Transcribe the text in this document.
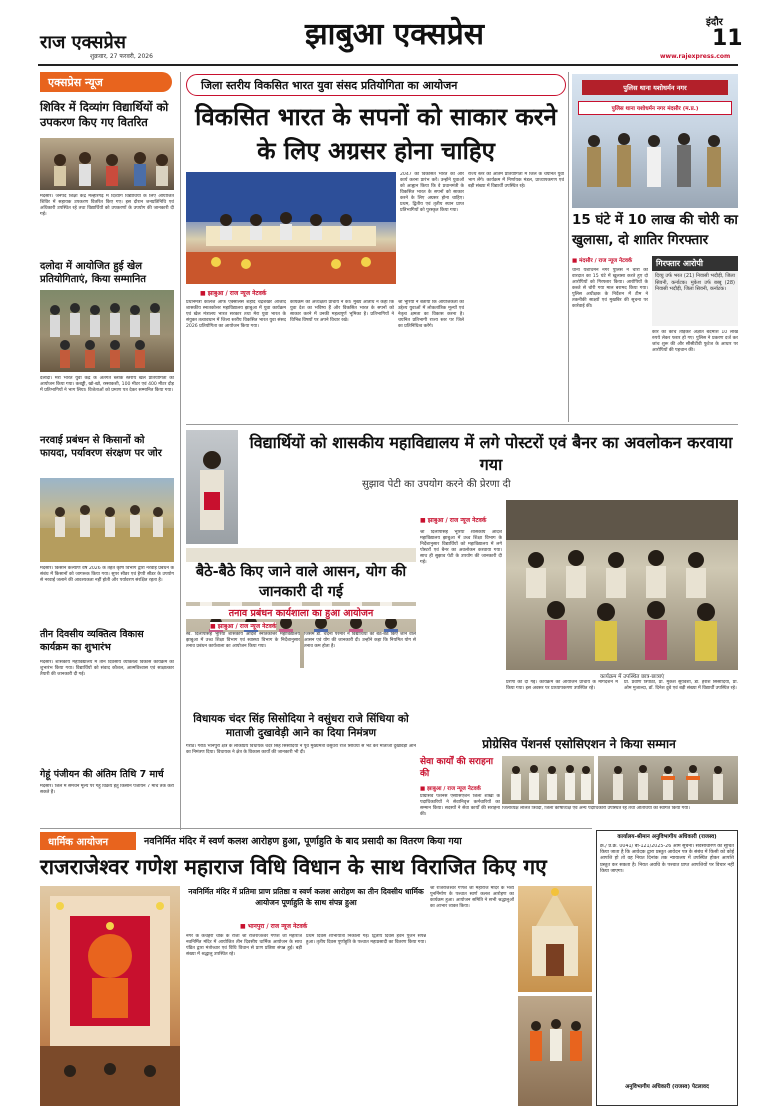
राज एक्सप्रेस
शुक्रवार, 27 फरवरी, 2026
झाबुआ एक्सप्रेस	इंदौर
11
www.rajexpress.com
एक्सप्रेस न्यूज
शिविर में दिव्यांग विद्यार्थियों को उपकरण किए गए वितरित
मंदसौर। जनपद शिक्षा केंद्र मल्हारगढ़ में दिव्यांग विद्यार्थियों के लिए आयोजित शिविर में सहायक उपकरण वितरित किए गए। इस दौरान जनप्रतिनिधि एवं अधिकारी उपस्थित रहे तथा विद्यार्थियों को उपकरणों के उपयोग की जानकारी दी गई।
दलोदा में आयोजित हुई खेल प्रतियोगिताएं, किया सम्मानित
दलोदा। मेरा भारत युवा केंद्र के अंतर्गत ब्लॉक स्तरीय खेल प्रतियोगिता का आयोजन किया गया। कबड्डी, खो-खो, रस्साकशी, 100 मीटर एवं 400 मीटर दौड़ में प्रतिभागियों ने भाग लिया। विजेताओं को प्रमाण पत्र देकर सम्मानित किया गया।
नरवाई प्रबंधन से किसानों को फायदा, पर्यावरण संरक्षण पर जोर
मंदसौर। किसान कल्याण वर्ष 2026 के तहत कृषि विभाग द्वारा नरवाई प्रबंधन के संबंध में किसानों को जागरूक किया गया। सुपर सीडर एवं हैप्पी सीडर के उपयोग से नरवाई जलाने की आवश्यकता नहीं होती और पर्यावरण संरक्षित रहता है।
तीन दिवसीय व्यक्तित्व विकास कार्यक्रम का शुभारंभ
मंदसौर। शासकीय महाविद्यालय में तीन दिवसीय व्यक्तित्व विकास कार्यक्रम का शुभारंभ किया गया। विद्यार्थियों को संवाद कौशल, आत्मविश्वास एवं साक्षात्कार तैयारी की जानकारी दी गई।
गेहूं पंजीयन की अंतिम तिथि 7 मार्च
मंदसौर। जिले में समर्थन मूल्य पर गेहूं विक्रय हेतु किसान पंजीयन 7 मार्च तक करा सकते हैं।
जिला स्तरीय विकसित भारत युवा संसद प्रतियोगिता का आयोजन
विकसित भारत के सपनों को साकार करने के लिए अग्रसर होना चाहिए
■ झाबुआ / राज न्यूज नेटवर्क
प्रधानमंत्री कॉलेज ऑफ एक्सीलेंस शहीद चंद्रशेखर आजाद शासकीय स्नातकोत्तर महाविद्यालय झाबुआ में युवा कार्यक्रम एवं खेल मंत्रालय भारत सरकार तथा मेरा युवा भारत के संयुक्त तत्वावधान में जिला स्तरीय विकसित भारत युवा संसद 2026 प्रतियोगिता का आयोजन किया गया।
कार्यक्रम की अध्यक्षता प्राचार्य ने की। मुख्य अतिथि ने कहा कि युवा देश का भविष्य हैं और विकसित भारत के सपनों को साकार करने में उनकी महत्वपूर्ण भूमिका है। प्रतिभागियों ने विभिन्न विषयों पर अपने विचार रखे।
श्री भूरिया ने बताया कि आयोजकता का उद्देश्य युवाओं में लोकतांत्रिक मूल्यों एवं नेतृत्व क्षमता का विकास करना है। चयनित प्रतिभागी राज्य स्तर पर जिले का प्रतिनिधित्व करेंगे।
2047 की विकसित भारत की ओर कार्य करना प्रारंभ करें। उन्होंने युवाओं को आह्वान किया कि वे प्रधानमंत्री के विकसित भारत के सपनों को साकार करने के लिए अग्रसर होना चाहिए। प्रथम, द्वितीय एवं तृतीय स्थान प्राप्त प्रतिभागियों को पुरस्कृत किया गया।
राज्य स्तर की अंतिम प्रतियोगिता में जिले के चयनित युवा भाग लेंगे। कार्यक्रम में निर्णायक मंडल, प्राध्यापकगण एवं बड़ी संख्या में विद्यार्थी उपस्थित रहे।
पुलिस थाना यशोधर्मन नगर
पुलिस थाना यशोधर्मन नगर मंदसौर (म.प्र.)
15 घंटे में 10 लाख की चोरी का खुलासा, दो शातिर गिरफ्तार
■ मंदसौर / राज न्यूज नेटवर्क
थाना यशोधर्मन नगर पुलिस ने चोरी की वारदात का 15 घंटे में खुलासा करते हुए दो आरोपियों को गिरफ्तार किया। आरोपियों के कब्जे से चोरी गया माल बरामद किया गया। पुलिस अधीक्षक के निर्देशन में टीम ने तकनीकी साक्ष्यों एवं मुखबिर की सूचना पर कार्रवाई की।
गिरफ्तार आरोपी
दिव्यु उर्फ भरत (21) निवासी भदौड़ी, जिला सिवनी, कर्नाटक। मुकेश उर्फ बब्बू (28) निवासी भदौड़ी, जिला सिवनी, कर्नाटक।
कार का कांच तोड़कर अज्ञात बदमाश 10 लाख रुपये लेकर फरार हो गए। पुलिस ने प्रकरण दर्ज कर जांच शुरू की और सीसीटीवी फुटेज के आधार पर आरोपियों की पहचान की।
विद्यार्थियों को शासकीय महाविद्यालय में लगे पोस्टरों एवं बैनर का अवलोकन करवाया गया
सुझाव पेटी का उपयोग करने की प्रेरणा दी
■ झाबुआ / राज न्यूज नेटवर्क
श्री दिलीपसिंह भूरिया शासकीय आदर्श महाविद्यालय झाबुआ में उच्च शिक्षा विभाग के निर्देशानुसार विद्यार्थियों को महाविद्यालय में लगे पोस्टरों एवं बैनर का अवलोकन करवाया गया। साथ ही सुझाव पेटी के उपयोग की जानकारी दी गई।
कार्यक्रम में उपस्थित छात्र-छात्राएं
प्रेरणा की दी गई। कार्यक्रम का आयोजन प्राचार्य के मार्गदर्शन में किया गया। इस अवसर पर प्राध्यापकगण उपस्थित रहे।
प्रो. प्रवीण त्रिपाठी, प्रो. मुकेश सूर्यवंशी, डॉ. हरीश सिसोदिया, प्रो. ओम मुजाल्दा, डॉ. दिनेश दुबे एवं बड़ी संख्या में विद्यार्थी उपस्थित रहे।
बैठे-बैठे किए जाने वाले आसन, योग की जानकारी दी गई
तनाव प्रबंधन कार्यशाला का हुआ आयोजन
■ झाबुआ / राज न्यूज नेटवर्क
स्व. दिलीपसिंह भूरिया शासकीय आदर्श स्नातकोत्तर महाविद्यालय झाबुआ में उच्च शिक्षा विभाग एवं स्वास्थ्य विभाग के निर्देशानुसार तनाव प्रबंधन कार्यशाला का आयोजन किया गया।
जिसमें डॉ. चंदना परमार ने विद्यार्थियों को बैठे-बैठे किए जाने वाले आसन एवं योग की जानकारी दी। उन्होंने कहा कि नियमित योग से तनाव कम होता है।
विधायक चंदर सिंह सिसोदिया ने वसुंधरा राजे सिंधिया को माताजी दुखावेड़ी आने का दिया निमंत्रण
गरोठ। गरोठ भानपुरा क्षेत्र के लोकप्रिय विधायक चंदर सिंह सिसोदिया ने पूर्व मुख्यमंत्री वसुंधरा राजे सिंधिया से भेंट कर माताजी दुखावेड़ी आने का निमंत्रण दिया। विधायक ने क्षेत्र के विकास कार्यों की जानकारी भी दी।
प्रोग्रेसिव पेंशनर्स एसोसिएशन ने किया सम्मान
सेवा कार्यों की सराहना की
■ झाबुआ / राज न्यूज नेटवर्क
प्रोग्रेसिव पेंशनर्स एसोसिएशन जिला शाखा के पदाधिकारियों ने सेवानिवृत्त कर्मचारियों का सम्मान किया। सदस्यों ने सेवा कार्यों की सराहना की।
जिलाध्यक्ष ललित त्रिवेदी, जिला कोषाध्यक्ष एवं अन्य पदाधिकारी उपस्थित रहे तथा अतिथियों का स्वागत किया गया।
कार्यालय-श्रीमान अनुविभागीय अधिकारी (राजस्व)
क्र./ प्र.क्र. 0041/ बी-121/2025-26 आम सूचना। सर्वसाधारण को सूचित किया जाता है कि आवेदक द्वारा प्रस्तुत आवेदन पत्र के संबंध में किसी को कोई आपत्ति हो तो वह नियत दिनांक तक न्यायालय में उपस्थित होकर आपत्ति प्रस्तुत कर सकता है। नियत अवधि के पश्चात प्राप्त आपत्तियों पर विचार नहीं किया जाएगा।
अनुविभागीय अधिकारी (राजस्व) पेटलावद
धार्मिक आयोजन	नवनिर्मित मंदिर में स्वर्ण कलश आरोहण हुआ, पूर्णाहुति के बाद प्रसादी का वितरण किया गया
राजराजेश्वर गणेश महाराज विधि विधान के साथ विराजित किए गए
नवनिर्मित मंदिर में प्रतिमा प्राण प्रतिष्ठा व स्वर्ण कलश आरोहण का तीन दिवसीय धार्मिक आयोजन पूर्णाहुति के साथ संपन्न हुआ
■ भानपुरा / राज न्यूज नेटवर्क
नगर के कचहरी चौक के राजा श्री राजराजेश्वर गणेश जी महाराज नवनिर्मित मंदिर में आयोजित तीन दिवसीय धार्मिक आयोजन के साथ पंडित द्वारा मंत्रोच्चार एवं विधि विधान से प्राण प्रतिष्ठा संपन्न हुई। बड़ी संख्या में श्रद्धालु उपस्थित रहे।
प्रथम दिवस शोभायात्रा निकाली गई। द्वितीय दिवस हवन पूजन संपन्न हुआ। तृतीय दिवस पूर्णाहुति के पश्चात महाप्रसादी का वितरण किया गया।
श्री राजराजेश्वर गणेश जी महाराज मंदिर के भव्य पुनर्निर्माण के पश्चात स्वर्ण कलश आरोहण का कार्यक्रम हुआ। आयोजन समिति ने सभी श्रद्धालुओं का आभार व्यक्त किया।
